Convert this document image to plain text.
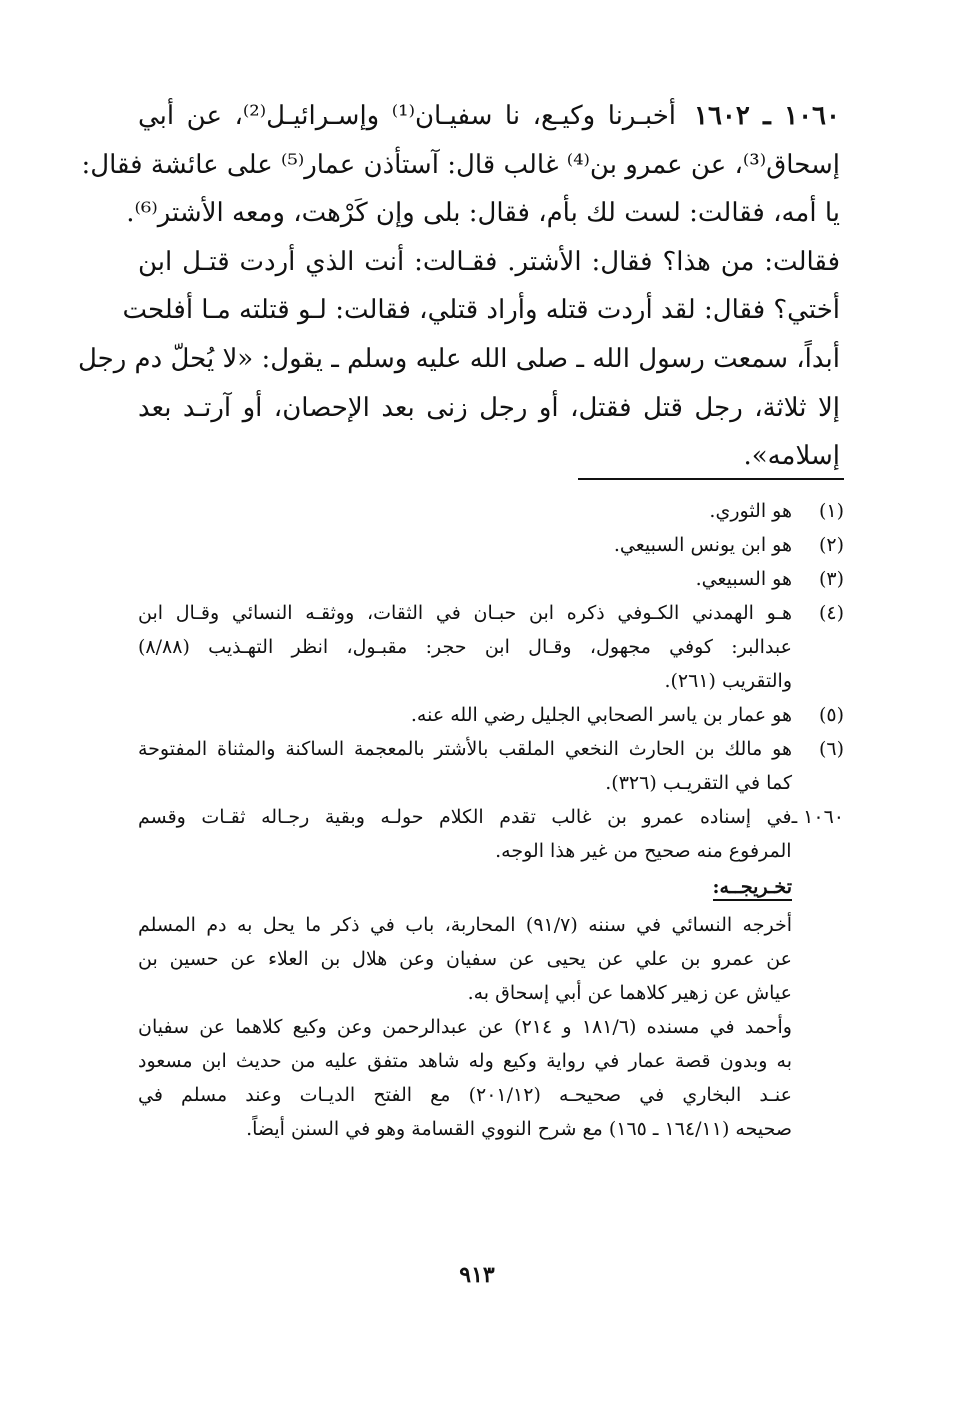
١٠٦٠ ـ ١٦٠٢أخبـرنا وكيـع، نا سفيـان⁽¹⁾ وإسـرائيـل⁽²⁾، عن أبي
إسحاق⁽³⁾، عن عمرو بن⁽⁴⁾ غالب قال: آستأذن عمار⁽⁵⁾ على عائشة فقال:
يا أمه، فقالت: لست لك بأم، فقال: بلى وإن كَرْهت، ومعه الأشتر⁽⁶⁾.
فقالت: من هذا؟ فقال: الأشتر. فقـالت: أنت الذي أردت قتـل ابن
أختي؟ فقال: لقد أردت قتله وأراد قتلي، فقالت: لـو قتلته مـا أفلحت
أبداً، سمعت رسول الله ـ صلى الله عليه وسلم ـ يقول: «لا يُحلّ دم رجل
إلا ثلاثة، رجل قتل فقتل، أو رجل زنى بعد الإحصان، أو آرتـد بعد
إسلامه».
(١)
هو الثوري.
(٢)
هو ابن يونس السبيعي.
(٣)
هو السبيعي.
(٤)
هـو الهمدني الكـوفي ذكره ابن حبـان في الثقات، ووثقـه النسائي وقـال ابن
عبدالبر: كوفي مجهول، وقـال ابن حجر: مقبـول، انظر التهـذيب (٨/٨٨)
والتقريب (٢٦١).
(٥)
هو عمار بن ياسر الصحابي الجليل رضي الله عنه.
(٦)
هو مالك بن الحارث النخعي الملقب بالأشتر بالمعجمة الساكنة والمثناة المفتوحة
كما في التقريـب (٣٢٦).
١٠٦٠ ـ
في إسناده عمرو بن غالب تقدم الكلام حولـه وبقية رجـاله ثقـات وقسم
المرفوع منه صحيح من غير هذا الوجه.
تخـريجــه:
أخرجه النسائي في سننه (٩١/٧) المحاربة، باب في ذكر ما يحل به دم المسلم
عن عمرو بن علي عن يحيى عن سفيان وعن هلال بن العلاء عن حسين بن
عياش عن زهير كلاهما عن أبي إسحاق به.
وأحمد في مسنده (١٨١/٦ و ٢١٤) عن عبدالرحمن وعن وكيع كلاهما عن سفيان
به وبدون قصة عمار في رواية وكيع وله شاهد متفق عليه من حديث ابن مسعود
عنـد البخاري في صحيحـه (٢٠١/١٢) مع الفتح الديـات وعند مسلم في
صحيحه (١٦٤/١١ ـ ١٦٥) مع شرح النووي القسامة وهو في السنن أيضاً.
٩١٣
